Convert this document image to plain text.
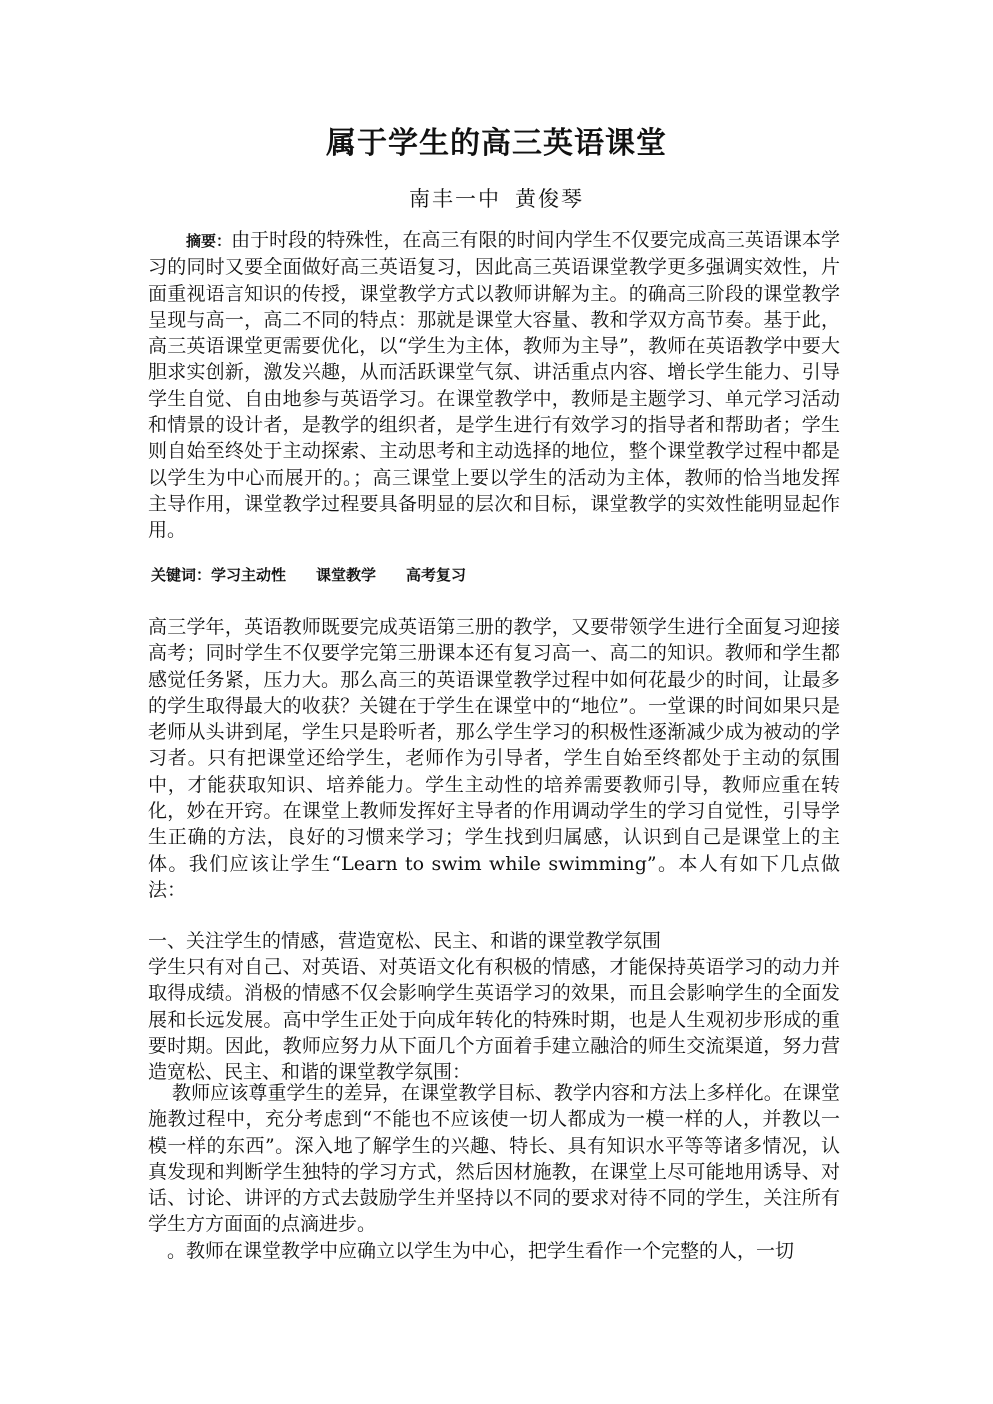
属于学生的高三英语课堂

南丰一中 黄俊琴

摘要：由于时段的特殊性，在高三有限的时间内学生不仅要完成高三英语课本学习的同时又要全面做好高三英语复习，因此高三英语课堂教学更多强调实效性，片面重视语言知识的传授，课堂教学方式以教师讲解为主。的确高三阶段的课堂教学呈现与高一，高二不同的特点：那就是课堂大容量、教和学双方高节奏。基于此，高三英语课堂更需要优化，以“学生为主体，教师为主导”，教师在英语教学中要大胆求实创新，激发兴趣，从而活跃课堂气氛、讲活重点内容、增长学生能力、引导学生自觉、自由地参与英语学习。在课堂教学中，教师是主题学习、单元学习活动和情景的设计者，是教学的组织者，是学生进行有效学习的指导者和帮助者；学生则自始至终处于主动探索、主动思考和主动选择的地位，整个课堂教学过程中都是以学生为中心而展开的。；高三课堂上要以学生的活动为主体，教师的恰当地发挥主导作用，课堂教学过程要具备明显的层次和目标，课堂教学的实效性能明显起作用。

关键词：学习主动性 课堂教学 高考复习

高三学年，英语教师既要完成英语第三册的教学，又要带领学生进行全面复习迎接高考；同时学生不仅要学完第三册课本还有复习高一、高二的知识。教师和学生都感觉任务紧，压力大。那么高三的英语课堂教学过程中如何花最少的时间，让最多的学生取得最大的收获？关键在于学生在课堂中的“地位”。一堂课的时间如果只是老师从头讲到尾，学生只是聆听者，那么学生学习的积极性逐渐减少成为被动的学习者。只有把课堂还给学生，老师作为引导者，学生自始至终都处于主动的氛围中，才能获取知识、培养能力。学生主动性的培养需要教师引导，教师应重在转化，妙在开窍。在课堂上教师发挥好主导者的作用调动学生的学习自觉性，引导学生正确的方法，良好的习惯来学习；学生找到归属感，认识到自己是课堂上的主体。我们应该让学生“Learn to swim while swimming”。本人有如下几点做法：

一、关注学生的情感，营造宽松、民主、和谐的课堂教学氛围

学生只有对自己、对英语、对英语文化有积极的情感，才能保持英语学习的动力并取得成绩。消极的情感不仅会影响学生英语学习的效果，而且会影响学生的全面发展和长远发展。高中学生正处于向成年转化的特殊时期，也是人生观初步形成的重要时期。因此，教师应努力从下面几个方面着手建立融洽的师生交流渠道，努力营造宽松、民主、和谐的课堂教学氛围：

教师应该尊重学生的差异，在课堂教学目标、教学内容和方法上多样化。在课堂施教过程中，充分考虑到“不能也不应该使一切人都成为一模一样的人，并教以一模一样的东西”。深入地了解学生的兴趣、特长、具有知识水平等等诸多情况，认真发现和判断学生独特的学习方式，然后因材施教，在课堂上尽可能地用诱导、对话、讨论、讲评的方式去鼓励学生并坚持以不同的要求对待不同的学生，关注所有学生方方面面的点滴进步。

。教师在课堂教学中应确立以学生为中心，把学生看作一个完整的人，一切
